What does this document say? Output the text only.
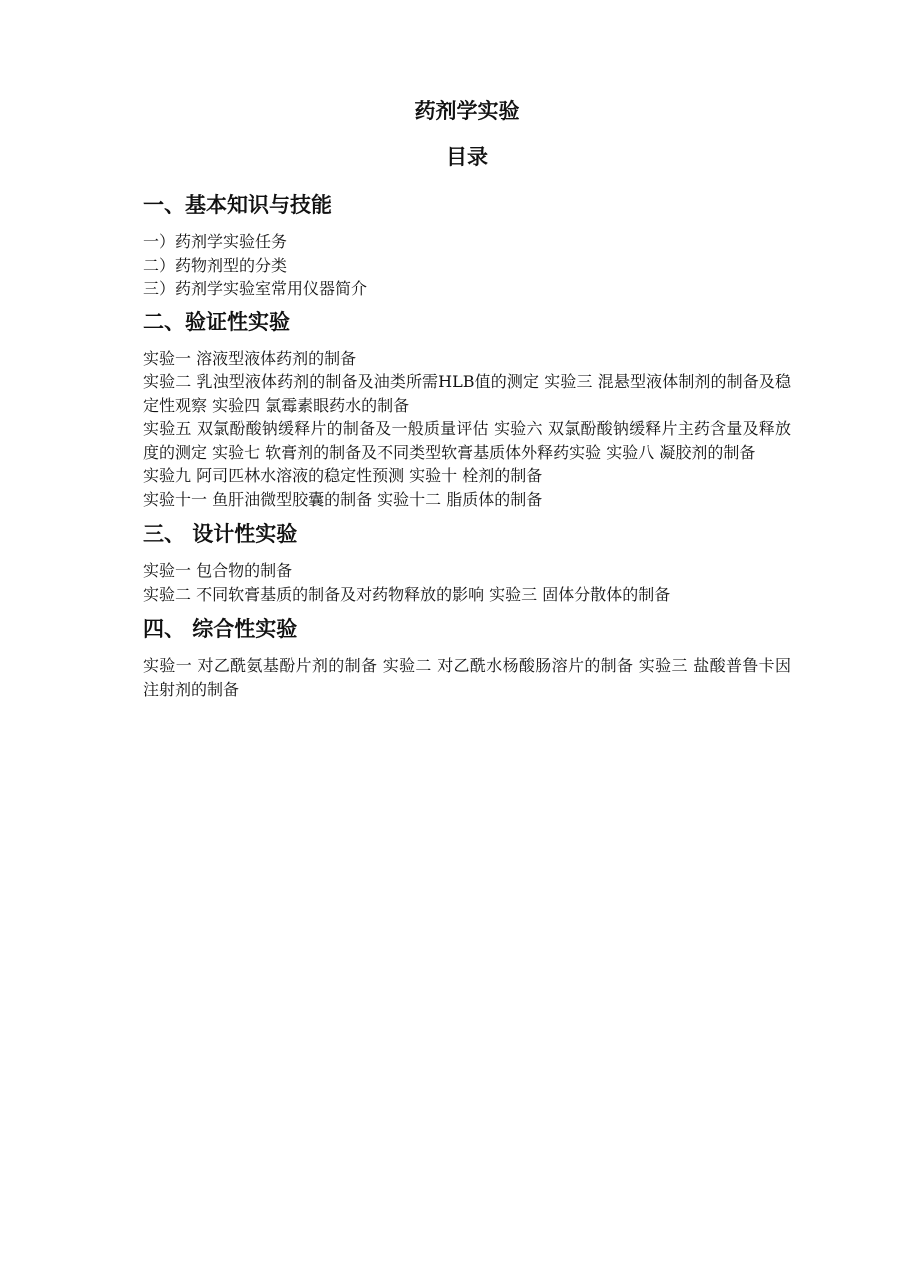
药剂学实验
目录
一、基本知识与技能
一）药剂学实验任务
二）药物剂型的分类
三）药剂学实验室常用仪器简介
二、验证性实验
实验一 溶液型液体药剂的制备
实验二 乳浊型液体药剂的制备及油类所需HLB值的测定 实验三 混悬型液体制剂的制备及稳定性观察 实验四 氯霉素眼药水的制备
实验五 双氯酚酸钠缓释片的制备及一般质量评估 实验六 双氯酚酸钠缓释片主药含量及释放度的测定 实验七 软膏剂的制备及不同类型软膏基质体外释药实验 实验八 凝胶剂的制备
实验九 阿司匹林水溶液的稳定性预测 实验十 栓剂的制备
实验十一 鱼肝油微型胶囊的制备 实验十二 脂质体的制备
三、 设计性实验
实验一 包合物的制备
实验二 不同软膏基质的制备及对药物释放的影响 实验三 固体分散体的制备
四、 综合性实验
实验一 对乙酰氨基酚片剂的制备 实验二 对乙酰水杨酸肠溶片的制备 实验三 盐酸普鲁卡因注射剂的制备
